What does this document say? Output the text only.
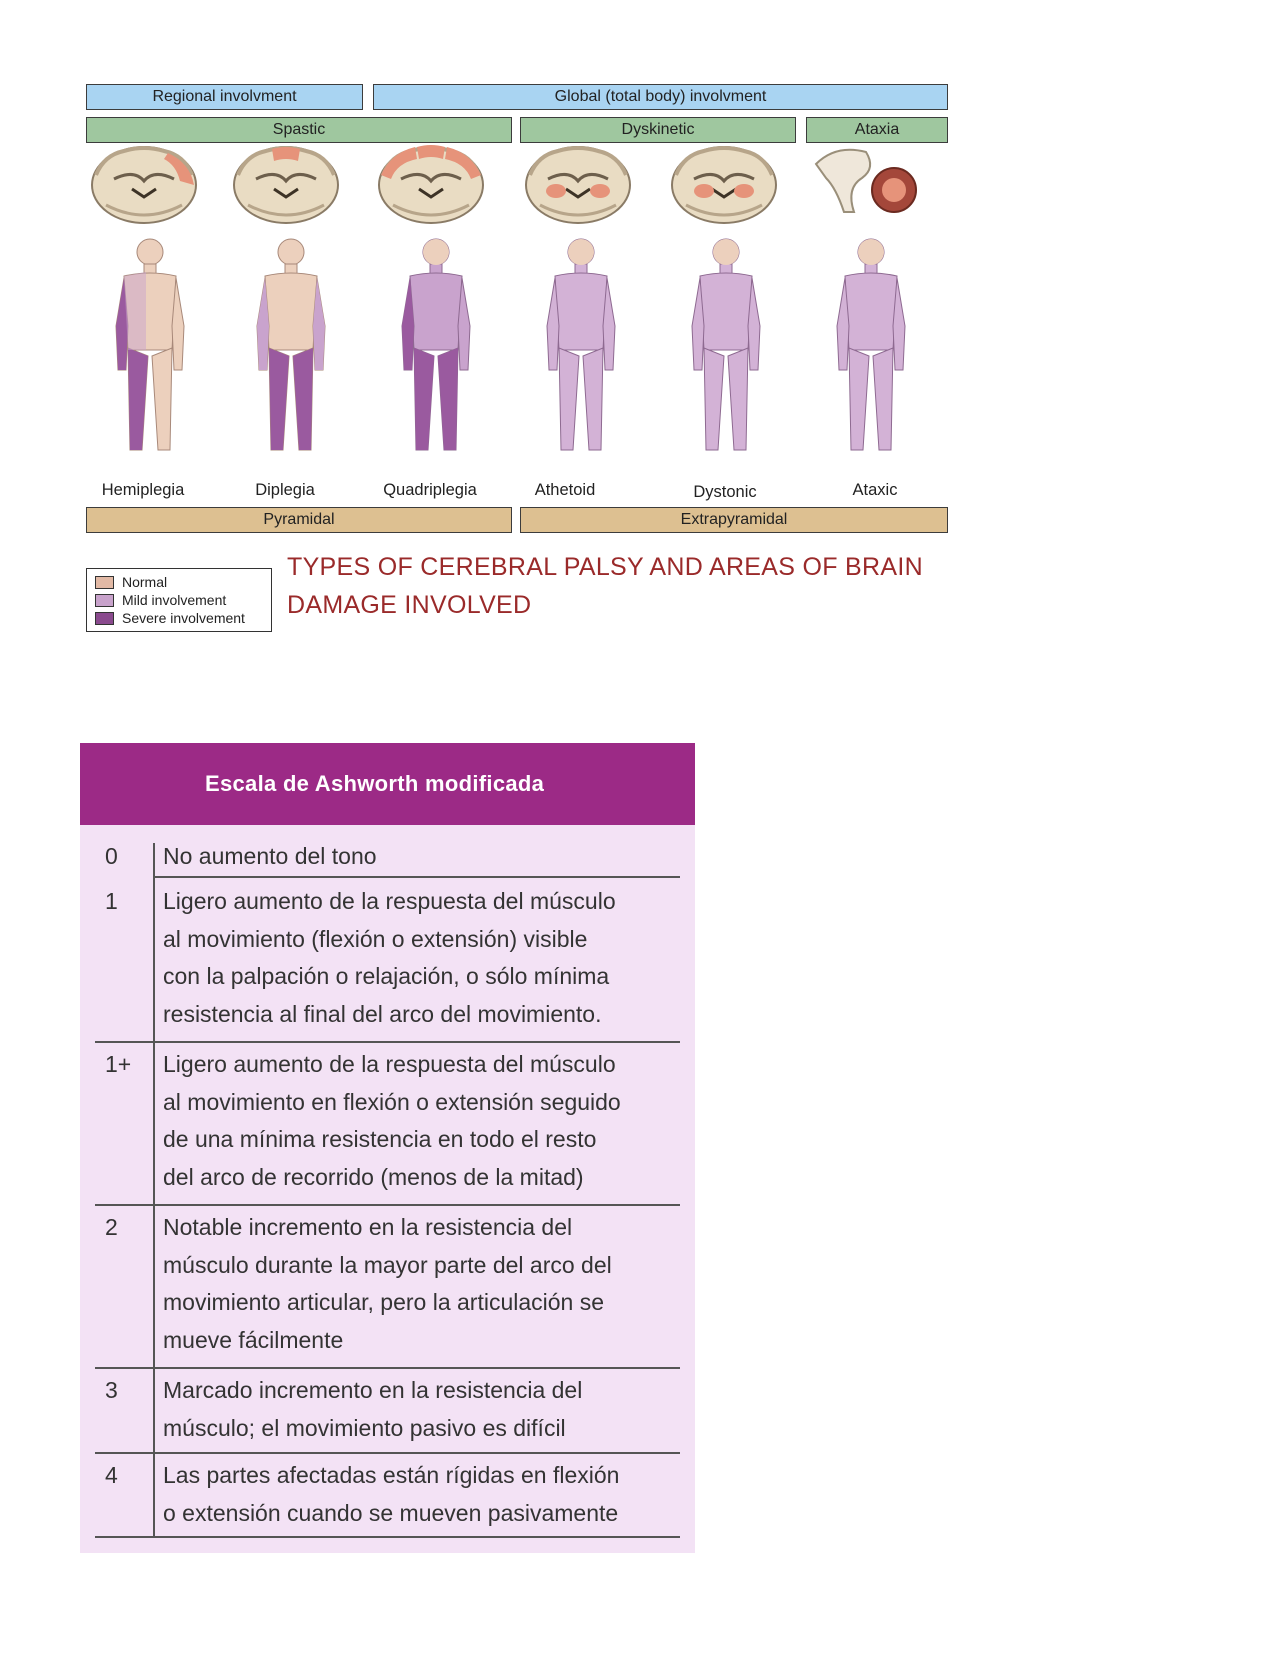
Regional involvment	Global (total body) involvment
Spastic	Dyskinetic	Ataxia
Hemiplegia	Diplegia	Quadriplegia	Athetoid	Dystonic	Ataxic
Pyramidal	Extrapyramidal
Normal
Mild involvement
Severe involvement
TYPES OF CEREBRAL PALSY AND AREAS OF BRAIN DAMAGE INVOLVED
Escala de Ashworth modificada
0	No aumento del tono
1	Ligero aumento de la respuesta del músculo
al movimiento (flexión o extensión) visible
con la palpación o relajación, o sólo mínima
resistencia al final del arco del movimiento.
1+	Ligero aumento de la respuesta del músculo
al movimiento en flexión o extensión seguido
de una mínima resistencia en todo el resto
del arco de recorrido (menos de la mitad)
2	Notable incremento en la resistencia del
músculo durante la mayor parte del arco del
movimiento articular, pero la articulación se
mueve fácilmente
3	Marcado incremento en la resistencia del
músculo; el movimiento pasivo es difícil
4	Las partes afectadas están rígidas en flexión
o extensión cuando se mueven pasivamente
